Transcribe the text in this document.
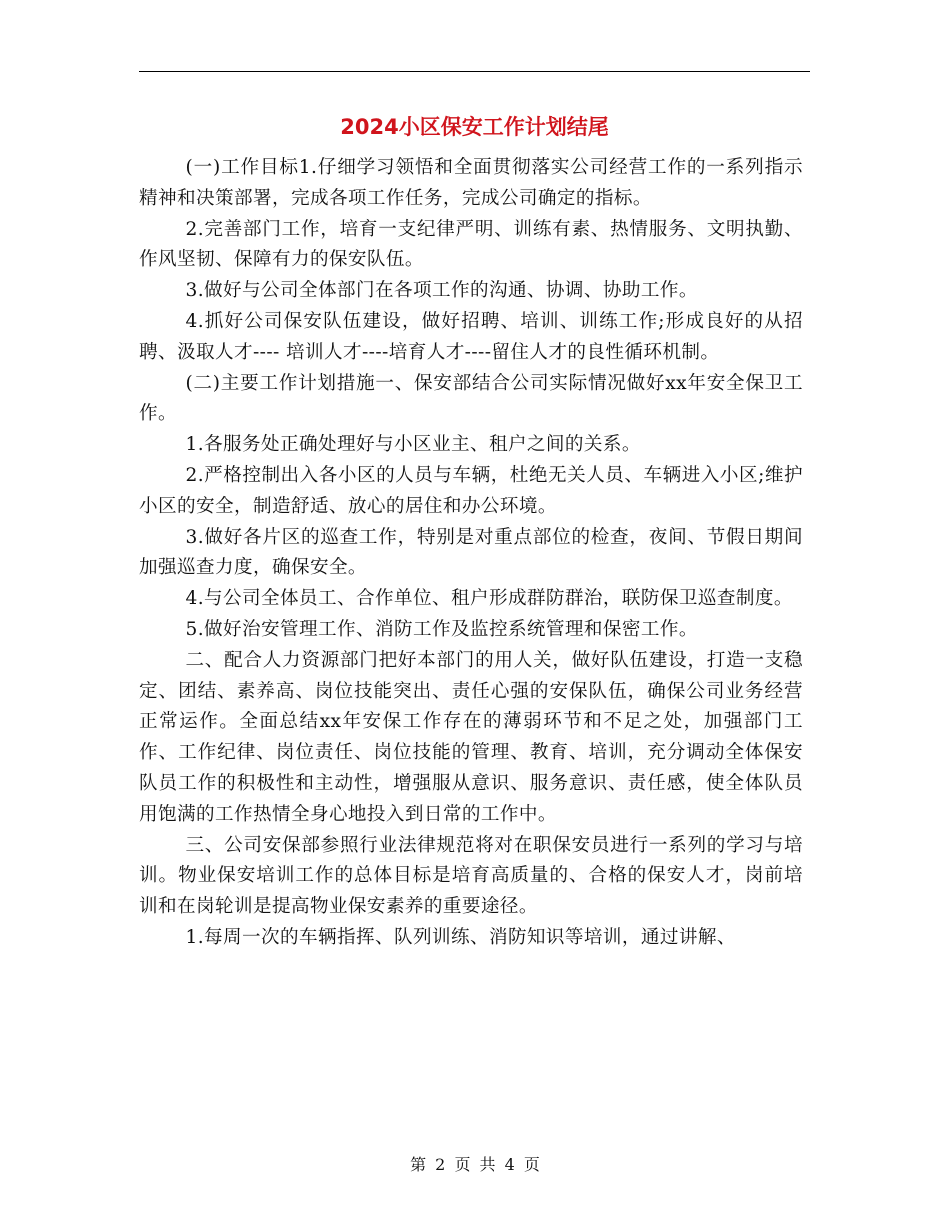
2024小区保安工作计划结尾

(一)工作目标1.仔细学习领悟和全面贯彻落实公司经营工作的一系列指示精神和决策部署，完成各项工作任务，完成公司确定的指标。

2.完善部门工作，培育一支纪律严明、训练有素、热情服务、文明执勤、作风坚韧、保障有力的保安队伍。

3.做好与公司全体部门在各项工作的沟通、协调、协助工作。

4.抓好公司保安队伍建设，做好招聘、培训、训练工作;形成良好的从招聘、汲取人才---- 培训人才----培育人才----留住人才的良性循环机制。

(二)主要工作计划措施一、保安部结合公司实际情况做好xx年安全保卫工作。

1.各服务处正确处理好与小区业主、租户之间的关系。

2.严格控制出入各小区的人员与车辆，杜绝无关人员、车辆进入小区;维护小区的安全，制造舒适、放心的居住和办公环境。

3.做好各片区的巡查工作，特别是对重点部位的检查，夜间、节假日期间加强巡查力度，确保安全。

4.与公司全体员工、合作单位、租户形成群防群治，联防保卫巡查制度。

5.做好治安管理工作、消防工作及监控系统管理和保密工作。

二、配合人力资源部门把好本部门的用人关，做好队伍建设，打造一支稳定、团结、素养高、岗位技能突出、责任心强的安保队伍，确保公司业务经营正常运作。全面总结xx年安保工作存在的薄弱环节和不足之处，加强部门工作、工作纪律、岗位责任、岗位技能的管理、教育、培训，充分调动全体保安队员工作的积极性和主动性，增强服从意识、服务意识、责任感，使全体队员用饱满的工作热情全身心地投入到日常的工作中。

三、公司安保部参照行业法律规范将对在职保安员进行一系列的学习与培训。物业保安培训工作的总体目标是培育高质量的、合格的保安人才，岗前培训和在岗轮训是提高物业保安素养的重要途径。

1.每周一次的车辆指挥、队列训练、消防知识等培训，通过讲解、

第 2 页 共 4 页
